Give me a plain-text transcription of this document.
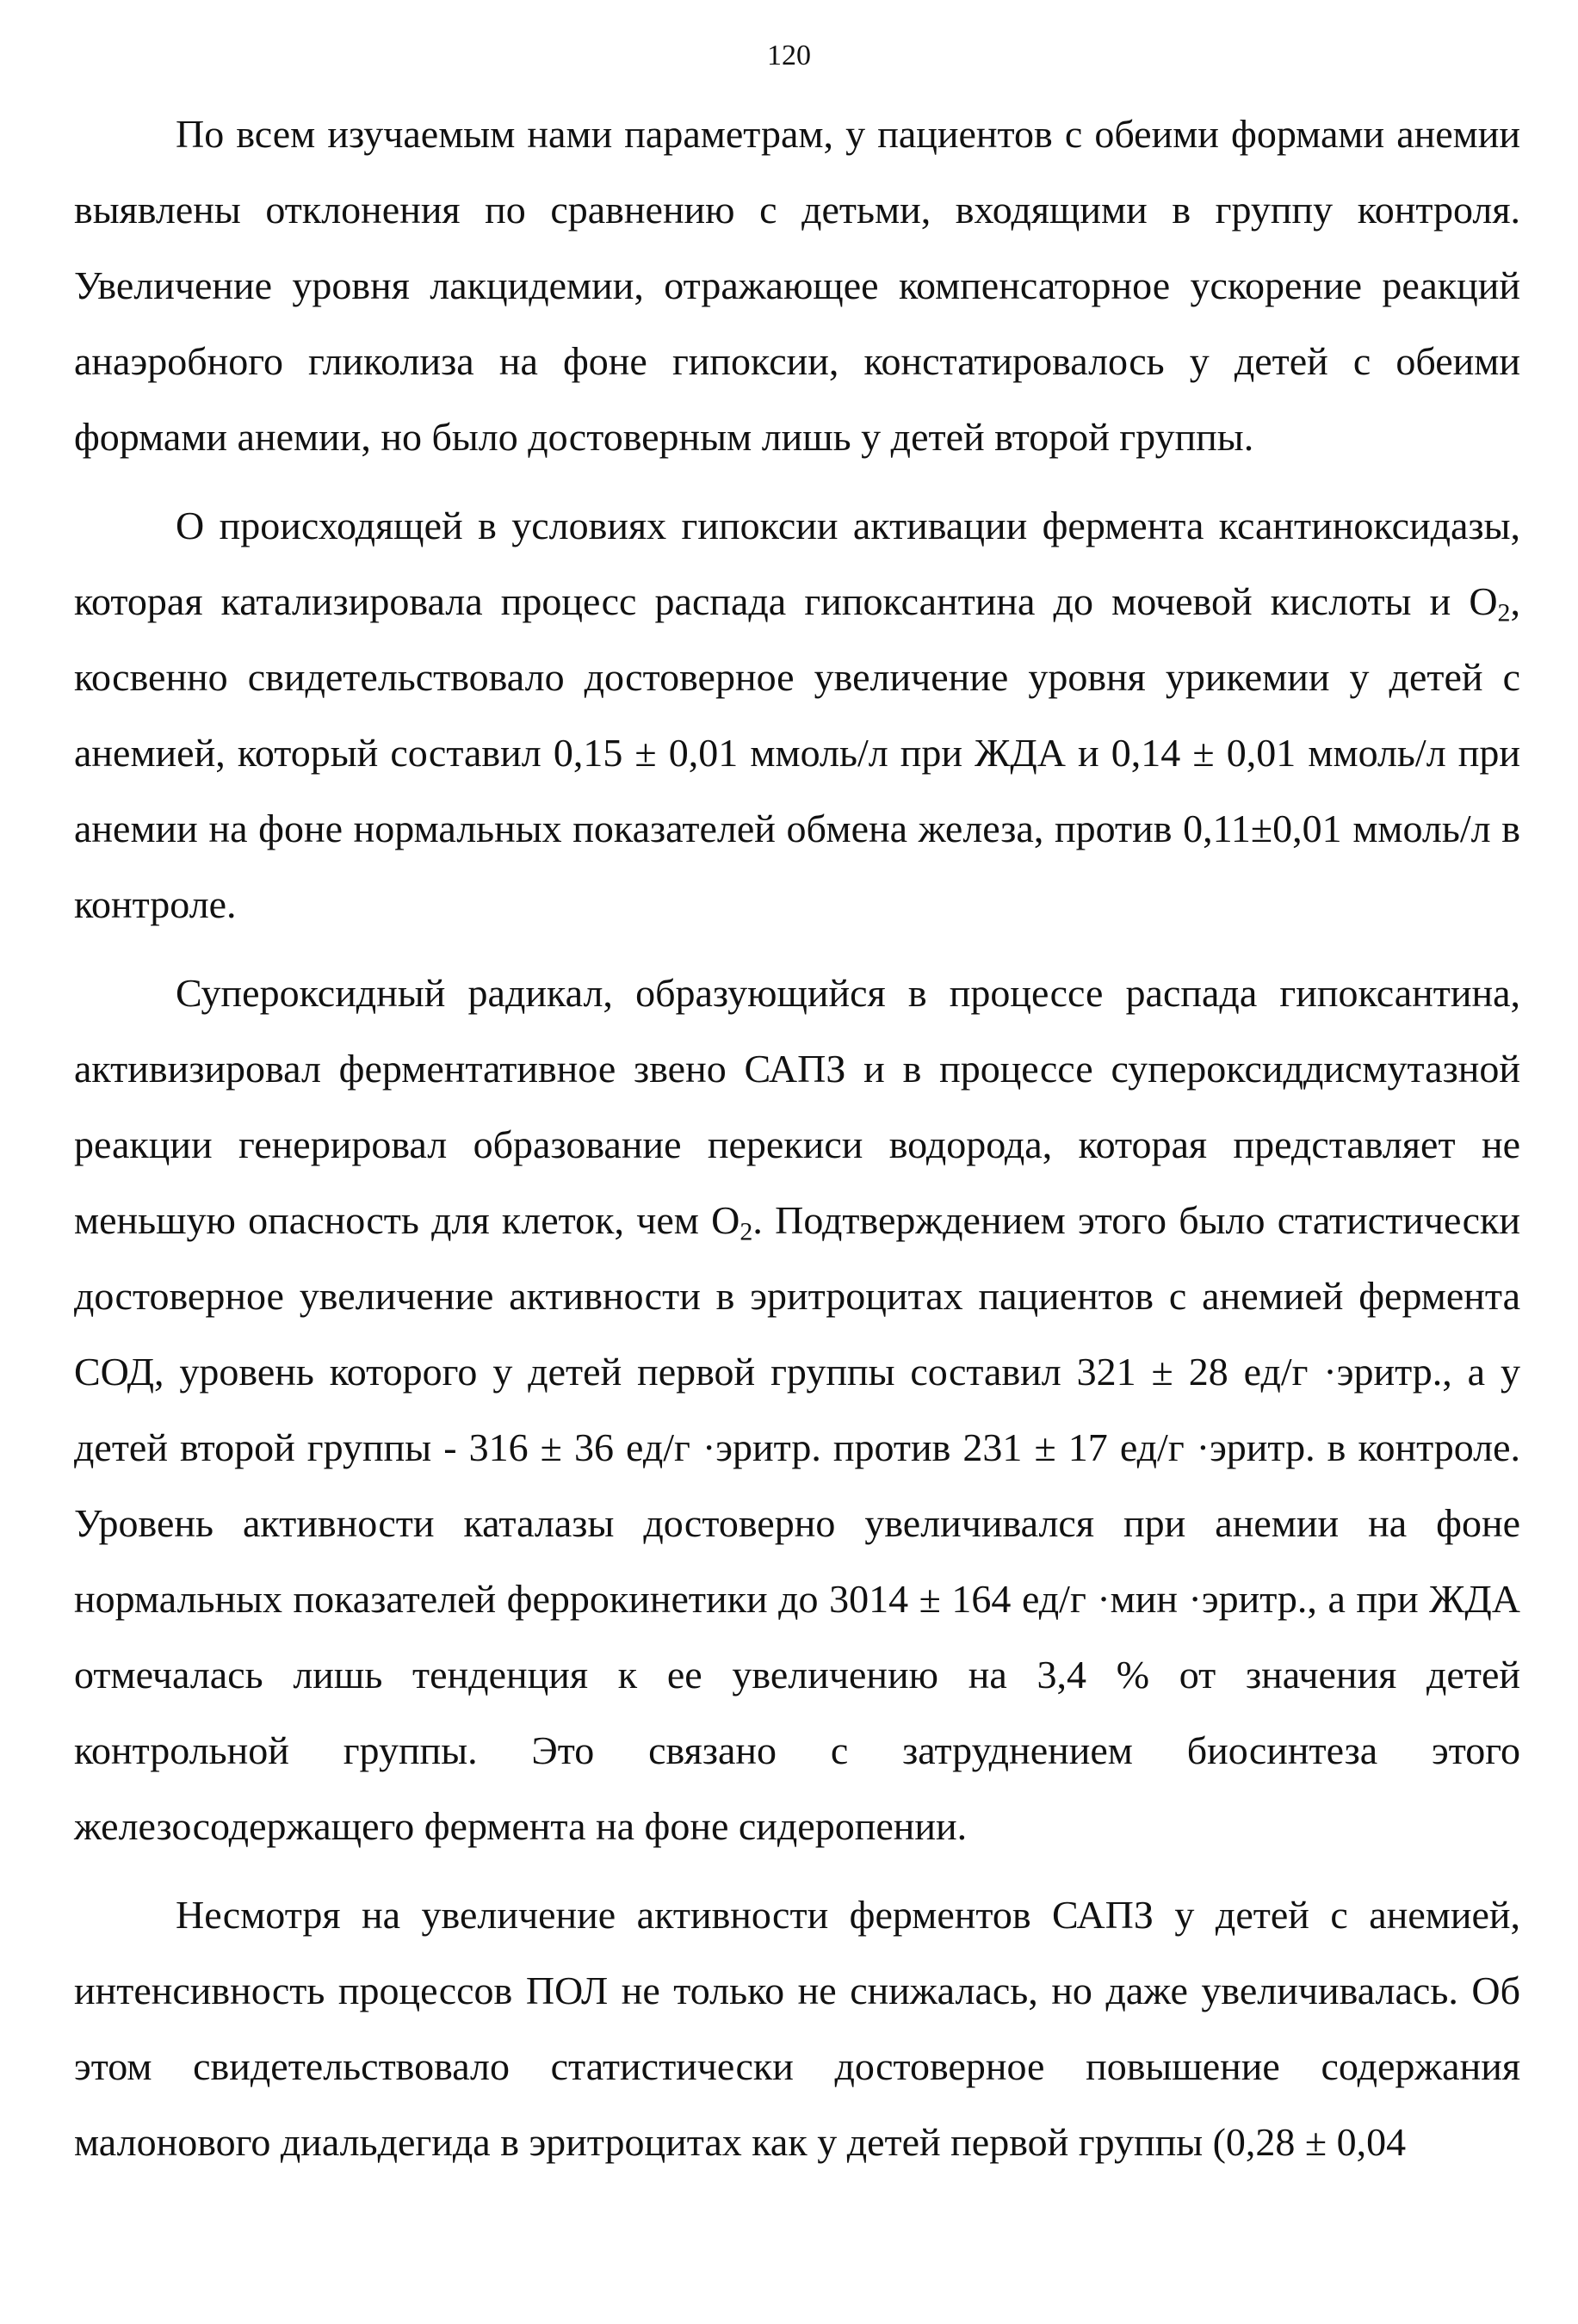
120

По всем изучаемым нами параметрам, у пациентов с обеими формами анемии выявлены отклонения по сравнению с детьми, входящими в группу контроля. Увеличение уровня лакцидемии, отражающее компенсаторное ускорение реакций анаэробного гликолиза на фоне гипоксии, констатировалось у детей с обеими формами анемии, но было достоверным лишь у детей второй группы.

О происходящей в условиях гипоксии активации фермента ксантиноксидазы, которая катализировала процесс распада гипоксантина до мочевой кислоты и $O_2$, косвенно свидетельствовало достоверное увеличение уровня урикемии у детей с анемией, который составил 0,15 ± 0,01 ммоль/л при ЖДА и 0,14 ± 0,01 ммоль/л при анемии на фоне нормальных показателей обмена железа, против 0,11±0,01 ммоль/л в контроле.

Супероксидный радикал, образующийся в процессе распада гипоксантина, активизировал ферментативное звено САПЗ и в процессе супероксиддисмутазной реакции генерировал образование перекиси водорода, которая представляет не меньшую опасность для клеток, чем $O_2$. Подтверждением этого было статистически достоверное увеличение активности в эритроцитах пациентов с анемией фермента СОД, уровень которого у детей первой группы составил 321 ± 28 ед/г ·эритр., а у детей второй группы - 316 ± 36 ед/г ·эритр. против 231 ± 17 ед/г ·эритр. в контроле. Уровень активности каталазы достоверно увеличивался при анемии на фоне нормальных показателей феррокинетики до 3014 ± 164 ед/г ·мин ·эритр., а при ЖДА отмечалась лишь тенденция к ее увеличению на 3,4 % от значения детей контрольной группы. Это связано с затруднением биосинтеза этого железосодержащего фермента на фоне сидеропении.

Несмотря на увеличение активности ферментов САПЗ у детей с анемией, интенсивность процессов ПОЛ не только не снижалась, но даже увеличивалась. Об этом свидетельствовало статистически достоверное повышение содержания малонового диальдегида в эритроцитах как у детей первой группы (0,28 ± 0,04
